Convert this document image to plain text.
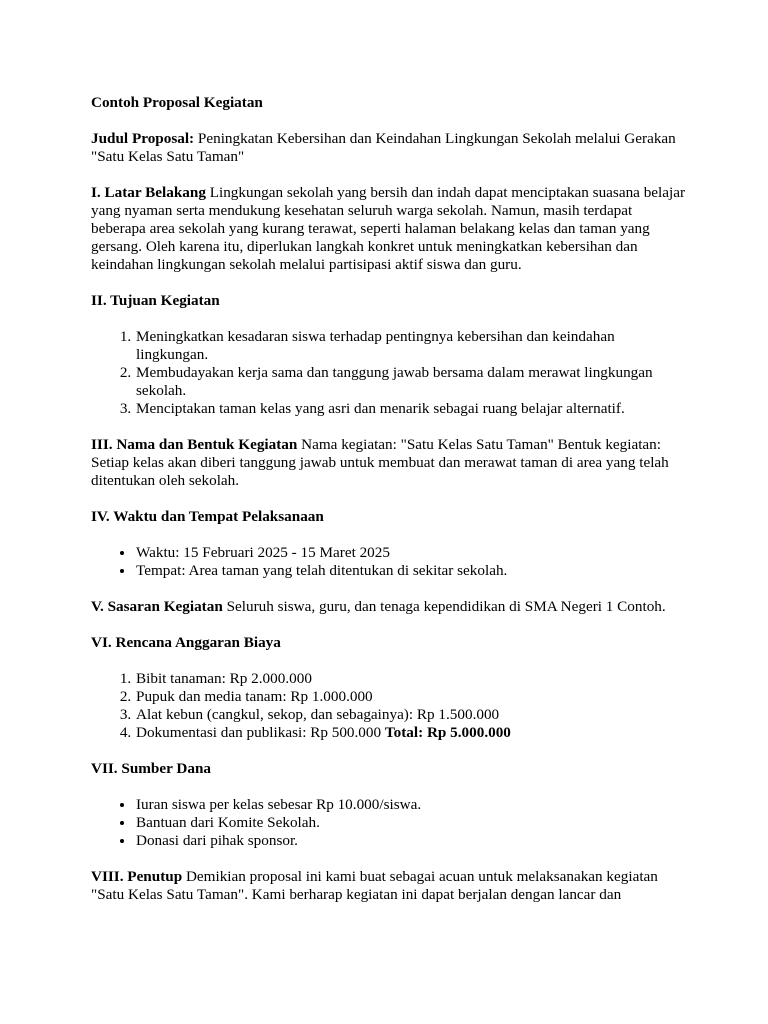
Contoh Proposal Kegiatan

Judul Proposal: Peningkatan Kebersihan dan Keindahan Lingkungan Sekolah melalui Gerakan "Satu Kelas Satu Taman"

I. Latar Belakang Lingkungan sekolah yang bersih dan indah dapat menciptakan suasana belajar yang nyaman serta mendukung kesehatan seluruh warga sekolah. Namun, masih terdapat beberapa area sekolah yang kurang terawat, seperti halaman belakang kelas dan taman yang gersang. Oleh karena itu, diperlukan langkah konkret untuk meningkatkan kebersihan dan keindahan lingkungan sekolah melalui partisipasi aktif siswa dan guru.

II. Tujuan Kegiatan

1. Meningkatkan kesadaran siswa terhadap pentingnya kebersihan dan keindahan lingkungan.
2. Membudayakan kerja sama dan tanggung jawab bersama dalam merawat lingkungan sekolah.
3. Menciptakan taman kelas yang asri dan menarik sebagai ruang belajar alternatif.

III. Nama dan Bentuk Kegiatan Nama kegiatan: "Satu Kelas Satu Taman" Bentuk kegiatan: Setiap kelas akan diberi tanggung jawab untuk membuat dan merawat taman di area yang telah ditentukan oleh sekolah.

IV. Waktu dan Tempat Pelaksanaan

• Waktu: 15 Februari 2025 - 15 Maret 2025
• Tempat: Area taman yang telah ditentukan di sekitar sekolah.

V. Sasaran Kegiatan Seluruh siswa, guru, dan tenaga kependidikan di SMA Negeri 1 Contoh.

VI. Rencana Anggaran Biaya

1. Bibit tanaman: Rp 2.000.000
2. Pupuk dan media tanam: Rp 1.000.000
3. Alat kebun (cangkul, sekop, dan sebagainya): Rp 1.500.000
4. Dokumentasi dan publikasi: Rp 500.000 Total: Rp 5.000.000

VII. Sumber Dana

• Iuran siswa per kelas sebesar Rp 10.000/siswa.
• Bantuan dari Komite Sekolah.
• Donasi dari pihak sponsor.

VIII. Penutup Demikian proposal ini kami buat sebagai acuan untuk melaksanakan kegiatan "Satu Kelas Satu Taman". Kami berharap kegiatan ini dapat berjalan dengan lancar dan
